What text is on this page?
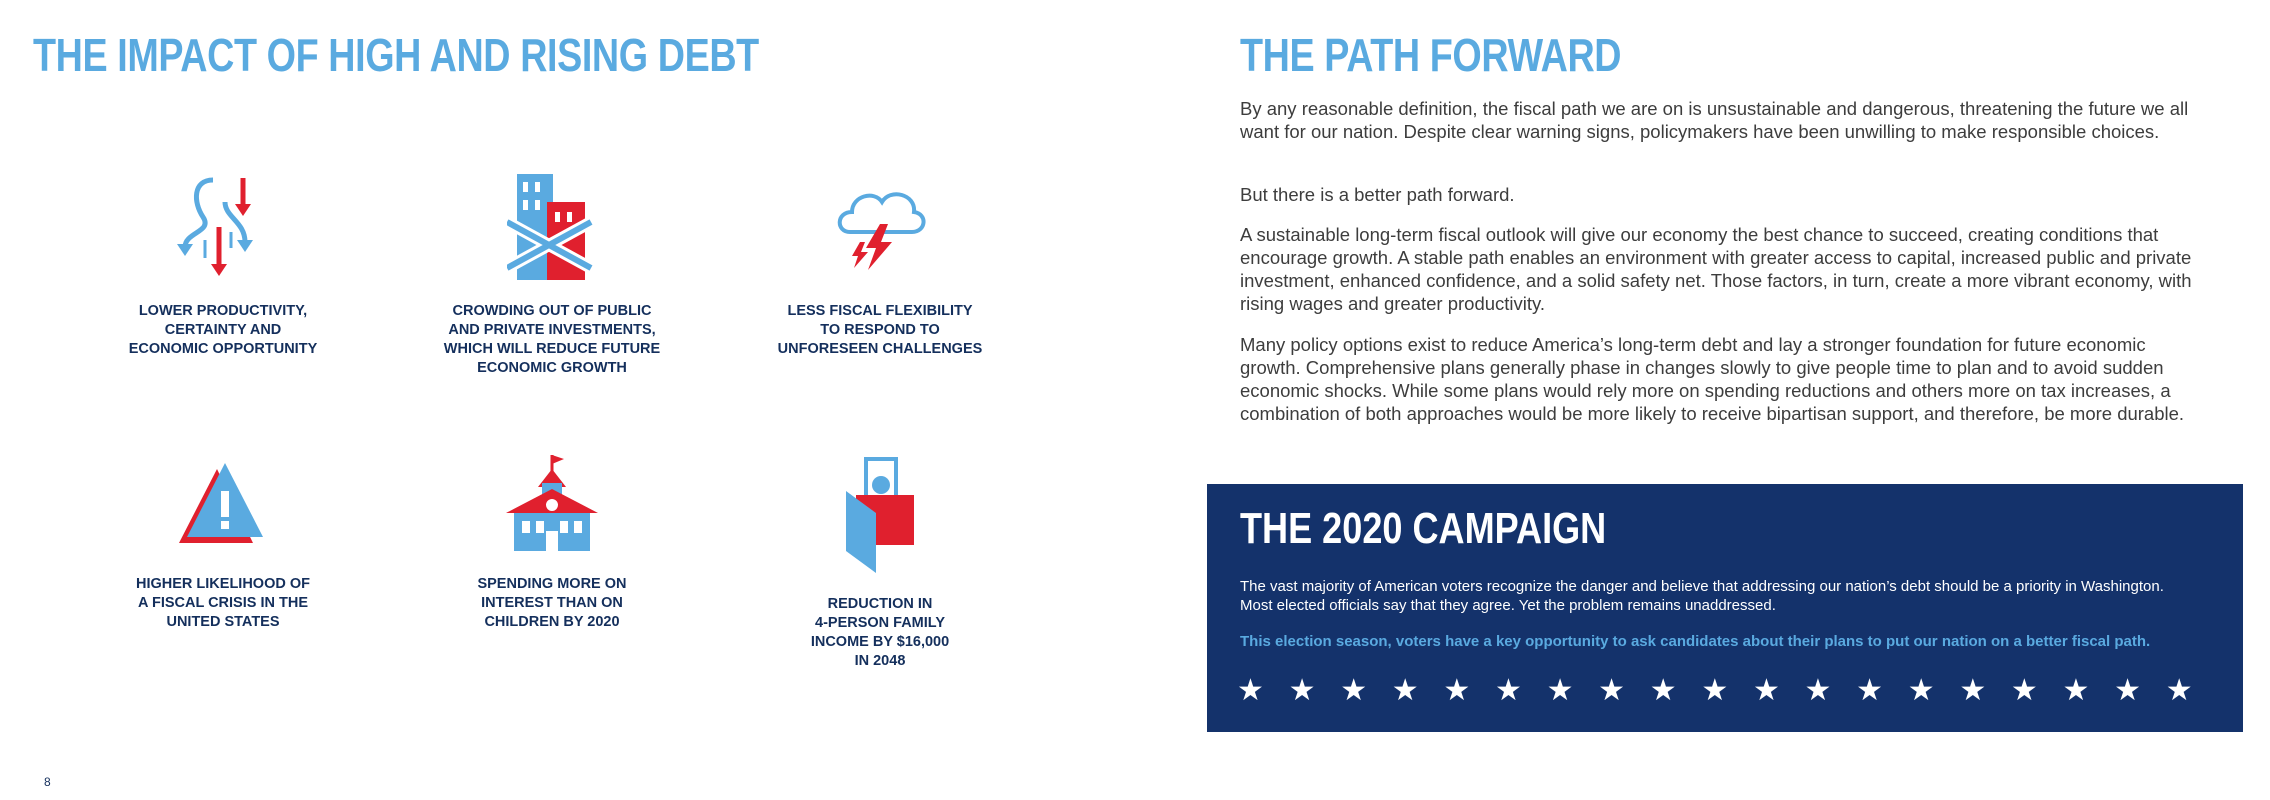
THE IMPACT OF HIGH AND RISING DEBT
LOWER PRODUCTIVITY,
CERTAINTY AND
ECONOMIC OPPORTUNITY
CROWDING OUT OF PUBLIC
AND PRIVATE INVESTMENTS,
WHICH WILL REDUCE FUTURE
ECONOMIC GROWTH
LESS FISCAL FLEXIBILITY
TO RESPOND TO
UNFORESEEN CHALLENGES
HIGHER LIKELIHOOD OF
A FISCAL CRISIS IN THE
UNITED STATES
SPENDING MORE ON
INTEREST THAN ON
CHILDREN BY 2020
REDUCTION IN
4-PERSON FAMILY
INCOME BY $16,000
IN 2048
8
THE PATH FORWARD

By any reasonable definition, the fiscal path we are on is unsustainable and dangerous, threatening the future we all want for our nation. Despite clear warning signs, policymakers have been unwilling to make responsible choices.

But there is a better path forward.

A sustainable long-term fiscal outlook will give our economy the best chance to succeed, creating conditions that encourage growth. A stable path enables an environment with greater access to capital, increased public and private investment, enhanced confidence, and a solid safety net. Those factors, in turn, create a more vibrant economy, with rising wages and greater productivity.

Many policy options exist to reduce America’s long-term debt and lay a stronger foundation for future economic growth. Comprehensive plans generally phase in changes slowly to give people time to plan and to avoid sudden economic shocks. While some plans would rely more on spending reductions and others more on tax increases, a combination of both approaches would be more likely to receive bipartisan support, and therefore, be more durable.

THE 2020 CAMPAIGN

The vast majority of American voters recognize the danger and believe that addressing our nation’s debt should be a priority in Washington. Most elected officials say that they agree. Yet the problem remains unaddressed.

This election season, voters have a key opportunity to ask candidates about their plans to put our nation on a better fiscal path.

★ ★ ★ ★ ★ ★ ★ ★ ★ ★ ★ ★ ★ ★ ★ ★ ★ ★ ★
